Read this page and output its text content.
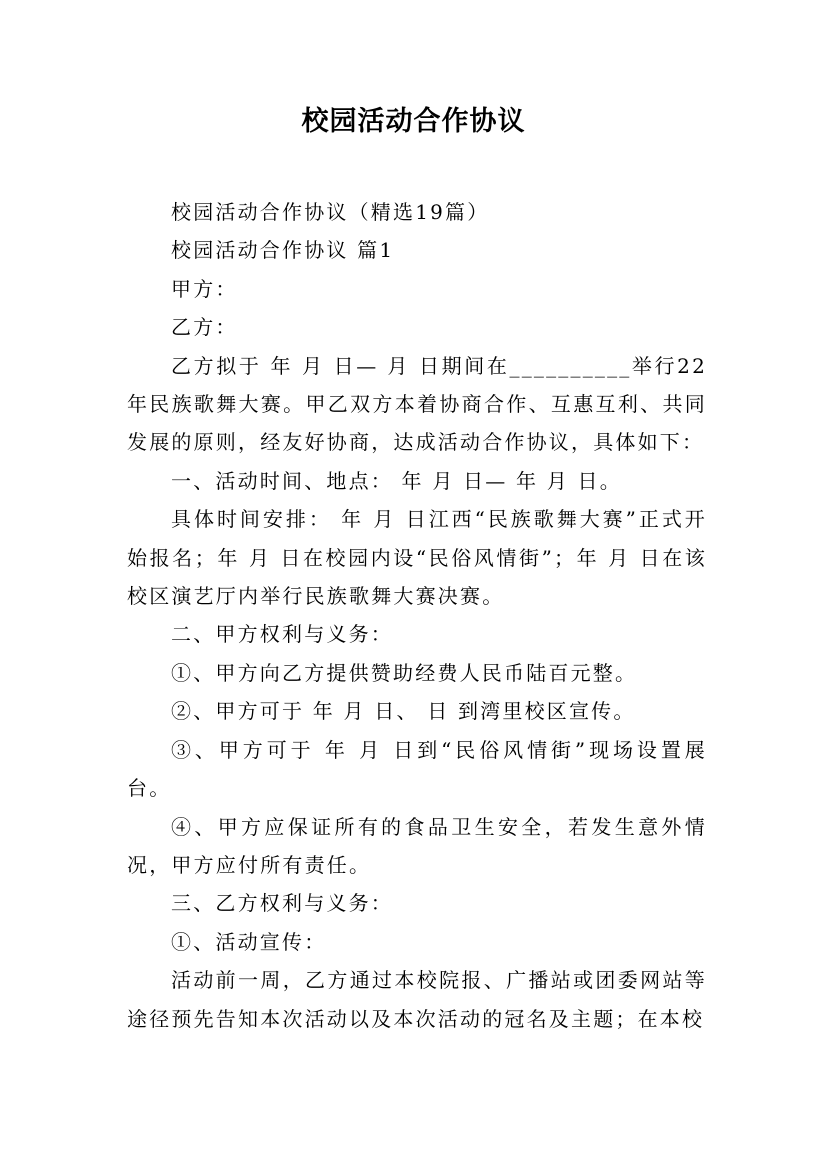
校园活动合作协议

校园活动合作协议（精选19篇）

校园活动合作协议 篇1

甲方：

乙方：

乙方拟于 年 月 日— 月 日期间在__________举行22年民族歌舞大赛。甲乙双方本着协商合作、互惠互利、共同发展的原则，经友好协商，达成活动合作协议，具体如下：

一、活动时间、地点： 年 月 日— 年 月 日。

具体时间安排： 年 月 日江西“民族歌舞大赛”正式开始报名；年 月 日在校园内设“民俗风情街”；年 月 日在该校区演艺厅内举行民族歌舞大赛决赛。

二、甲方权利与义务：

①、甲方向乙方提供赞助经费人民币陆百元整。

②、甲方可于 年 月 日、 日 到湾里校区宣传。

③、甲方可于 年 月 日到“民俗风情街”现场设置展台。

④、甲方应保证所有的食品卫生安全，若发生意外情况，甲方应付所有责任。

三、乙方权利与义务：

①、活动宣传：

活动前一周，乙方通过本校院报、广播站或团委网站等途径预先告知本次活动以及本次活动的冠名及主题；在本校
